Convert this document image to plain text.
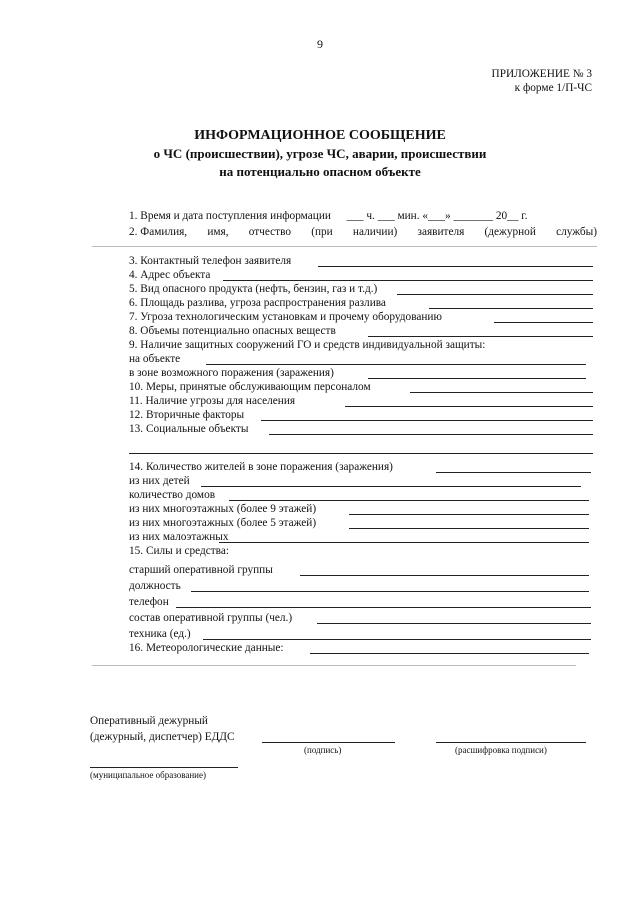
9
ПРИЛОЖЕНИЕ № 3
к форме 1/П-ЧС
ИНФОРМАЦИОННОЕ СООБЩЕНИЕ
о ЧС (происшествии), угрозе ЧС, аварии, происшествии
на потенциально опасном объекте
1. Время и дата поступления информации ___ ч. ___ мин. «___» _______ 20__ г.
2. Фамилия, имя, отчество (при наличии) заявителя (дежурной службы)
3. Контактный телефон заявителя
4. Адрес объекта
5. Вид опасного продукта (нефть, бензин, газ и т.д.)
6. Площадь разлива, угроза распространения разлива
7. Угроза технологическим установкам и прочему оборудованию
8. Объемы потенциально опасных веществ
9. Наличие защитных сооружений ГО и средств индивидуальной защиты:
на объекте
в зоне возможного поражения (заражения)
10. Меры, принятые обслуживающим персоналом
11. Наличие угрозы для населения
12. Вторичные факторы
13. Социальные объекты
14. Количество жителей в зоне поражения (заражения)
из них детей
количество домов
из них многоэтажных (более 9 этажей)
из них многоэтажных (более 5 этажей)
из них малоэтажных
15. Силы и средства:
старший оперативной группы
должность
телефон
состав оперативной группы (чел.)
техника (ед.)
16. Метеорологические данные:
Оперативный дежурный
(дежурный, диспетчер) ЕДДС
(подпись)	(расшифровка подписи)
(муниципальное образование)
